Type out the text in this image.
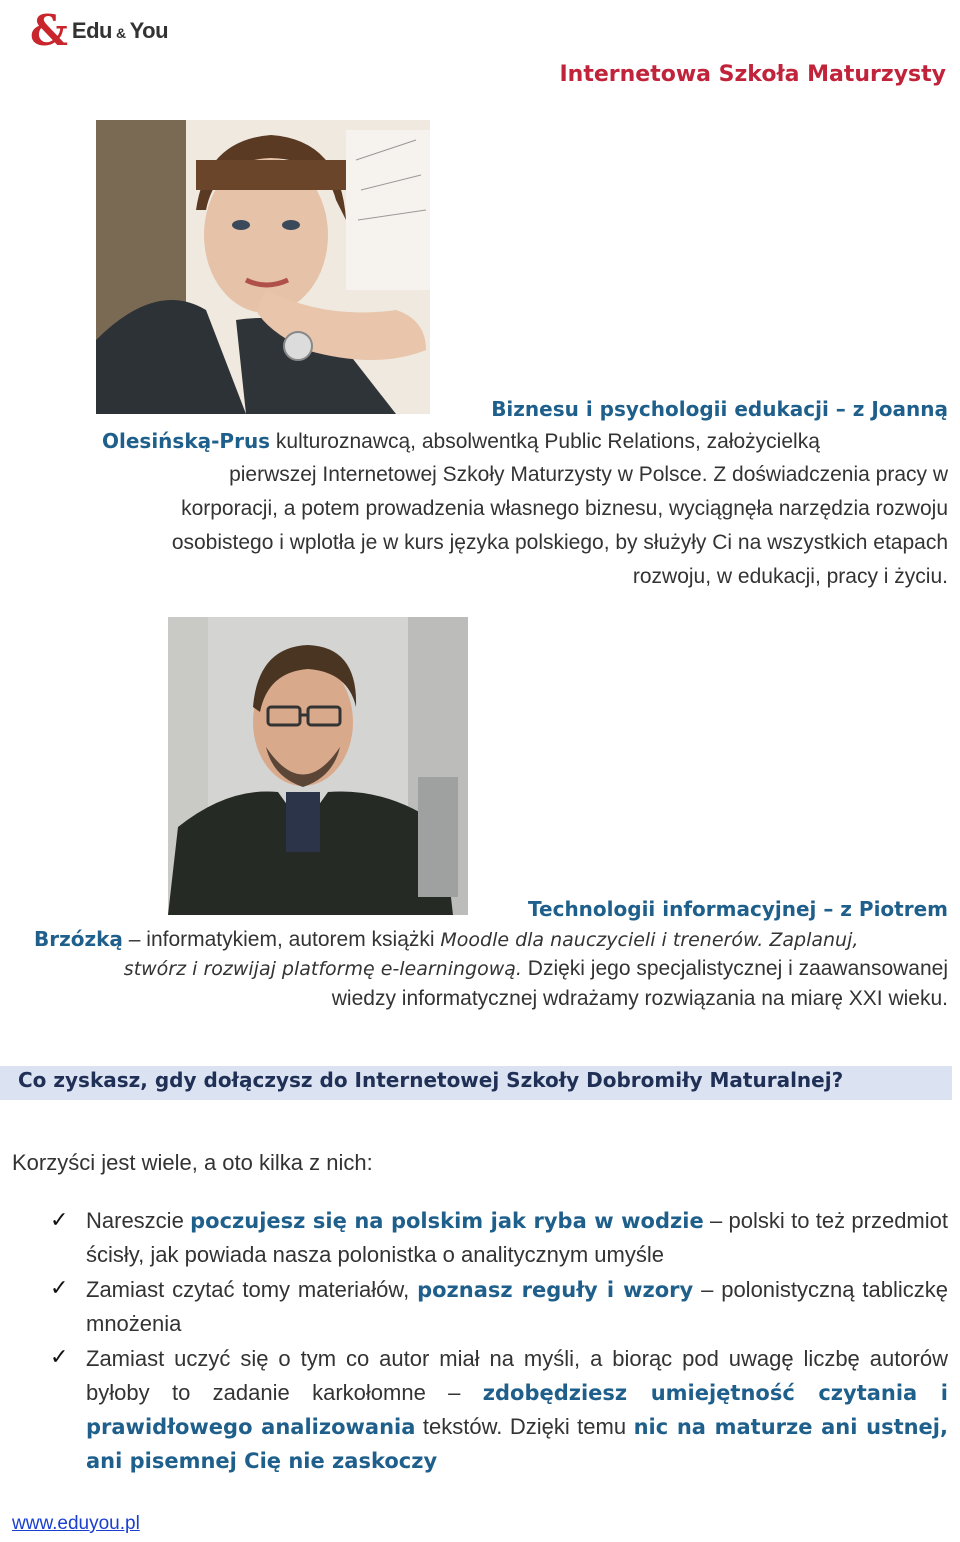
& Edu & You
Internetowa Szkoła Maturzysty
Biznesu i psychologii edukacji – z Joanną
Olesińską-Prus kulturoznawcą, absolwentką Public Relations, założycielką
pierwszej Internetowej Szkoły Maturzysty w Polsce. Z doświadczenia pracy w
korporacji, a potem prowadzenia własnego biznesu, wyciągnęła narzędzia rozwoju
osobistego i wplotła je w kurs języka polskiego, by służyły Ci na wszystkich etapach
rozwoju, w edukacji, pracy i życiu.
Technologii informacyjnej – z Piotrem
Brzózką – informatykiem, autorem książki Moodle dla nauczycieli i trenerów. Zaplanuj,
stwórz i rozwijaj platformę e-learningową. Dzięki jego specjalistycznej i zaawansowanej
wiedzy informatycznej wdrażamy rozwiązania na miarę XXI wieku.
Co zyskasz, gdy dołączysz do Internetowej Szkoły Dobromiły Maturalnej?
Korzyści jest wiele, a oto kilka z nich:
✓ Nareszcie poczujesz się na polskim jak ryba w wodzie – polski to też przedmiot ścisły, jak powiada nasza polonistka o analitycznym umyśle
✓ Zamiast czytać tomy materiałów, poznasz reguły i wzory – polonistyczną tabliczkę mnożenia
✓ Zamiast uczyć się o tym co autor miał na myśli, a biorąc pod uwagę liczbę autorów byłoby to zadanie karkołomne – zdobędziesz umiejętność czytania i prawidłowego analizowania tekstów. Dzięki temu nic na maturze ani ustnej, ani pisemnej Cię nie zaskoczy
www.eduyou.pl
